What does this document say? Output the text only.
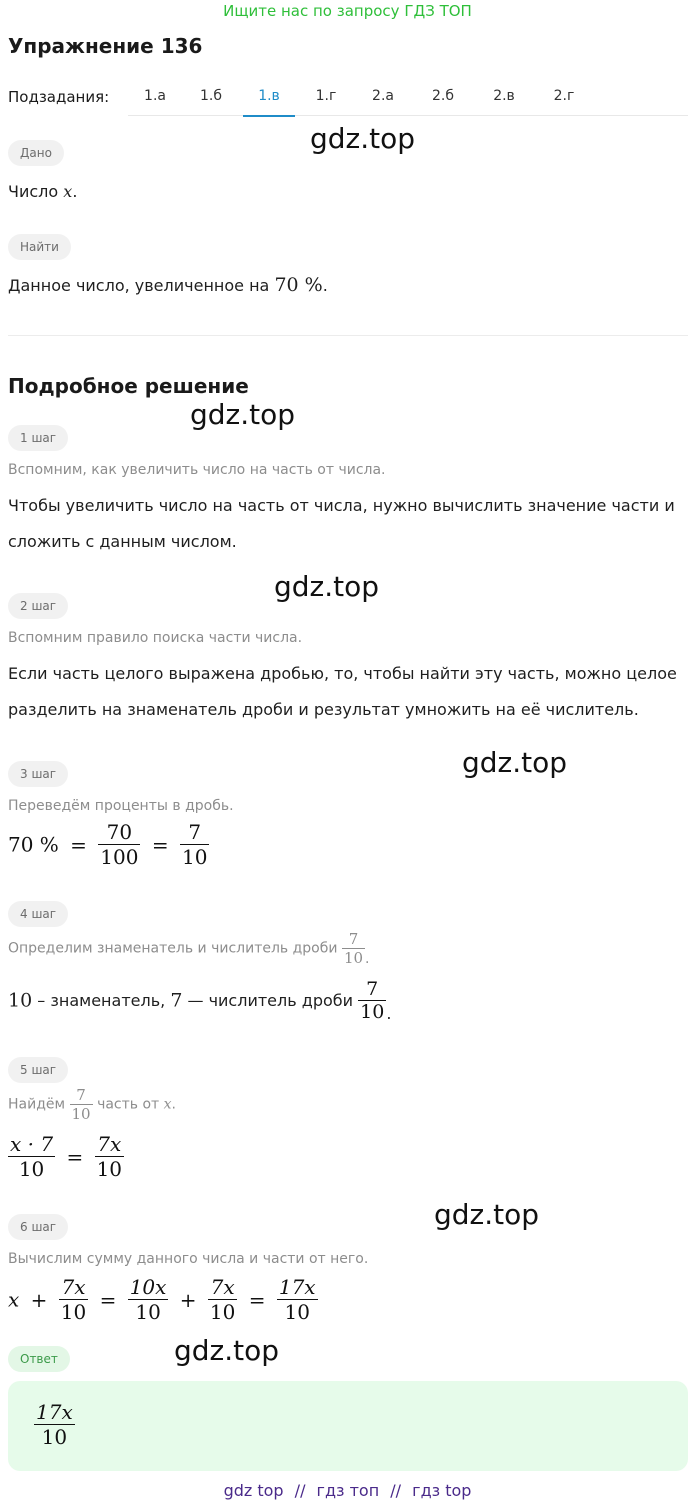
Ищите нас по запросу ГДЗ ТОП
Упражнение 136
Подзадания:	1.а	1.б	1.в	1.г	2.а	2.б	2.в	2.г
gdz.top
gdz.top
gdz.top
gdz.top
gdz.top
gdz.top
Дано
Число x.
Найти
Данное число, увеличенное на 70 %.
Подробное решение
1 шаг
Вспомним, как увеличить число на часть от числа.
Чтобы увеличить число на часть от числа, нужно вычислить значение части и
сложить с данным числом.
2 шаг
Вспомним правило поиска части числа.
Если часть целого выражена дробью, то, чтобы найти эту часть, можно целое
разделить на знаменатель дроби и результат умножить на её числитель.
3 шаг
Переведём проценты в дробь.
70 % = $\frac{70}{100} = \frac{7}{10}$
4 шаг
Определим знаменатель и числитель дроби $\frac{7}{10}$ .
10 – знаменатель, 7 — числитель дроби $\frac{7}{10}$ .
5 шаг
Найдём $\frac{7}{10}$ часть от x.
$\frac{x \cdot 7}{10} = \frac{7x}{10}$
6 шаг
Вычислим сумму данного числа и части от него.
$x + \frac{7x}{10} = \frac{10x}{10} + \frac{7x}{10} = \frac{17x}{10}$
Ответ
$\frac{17x}{10}$
gdz top // гдз топ // гдз top
